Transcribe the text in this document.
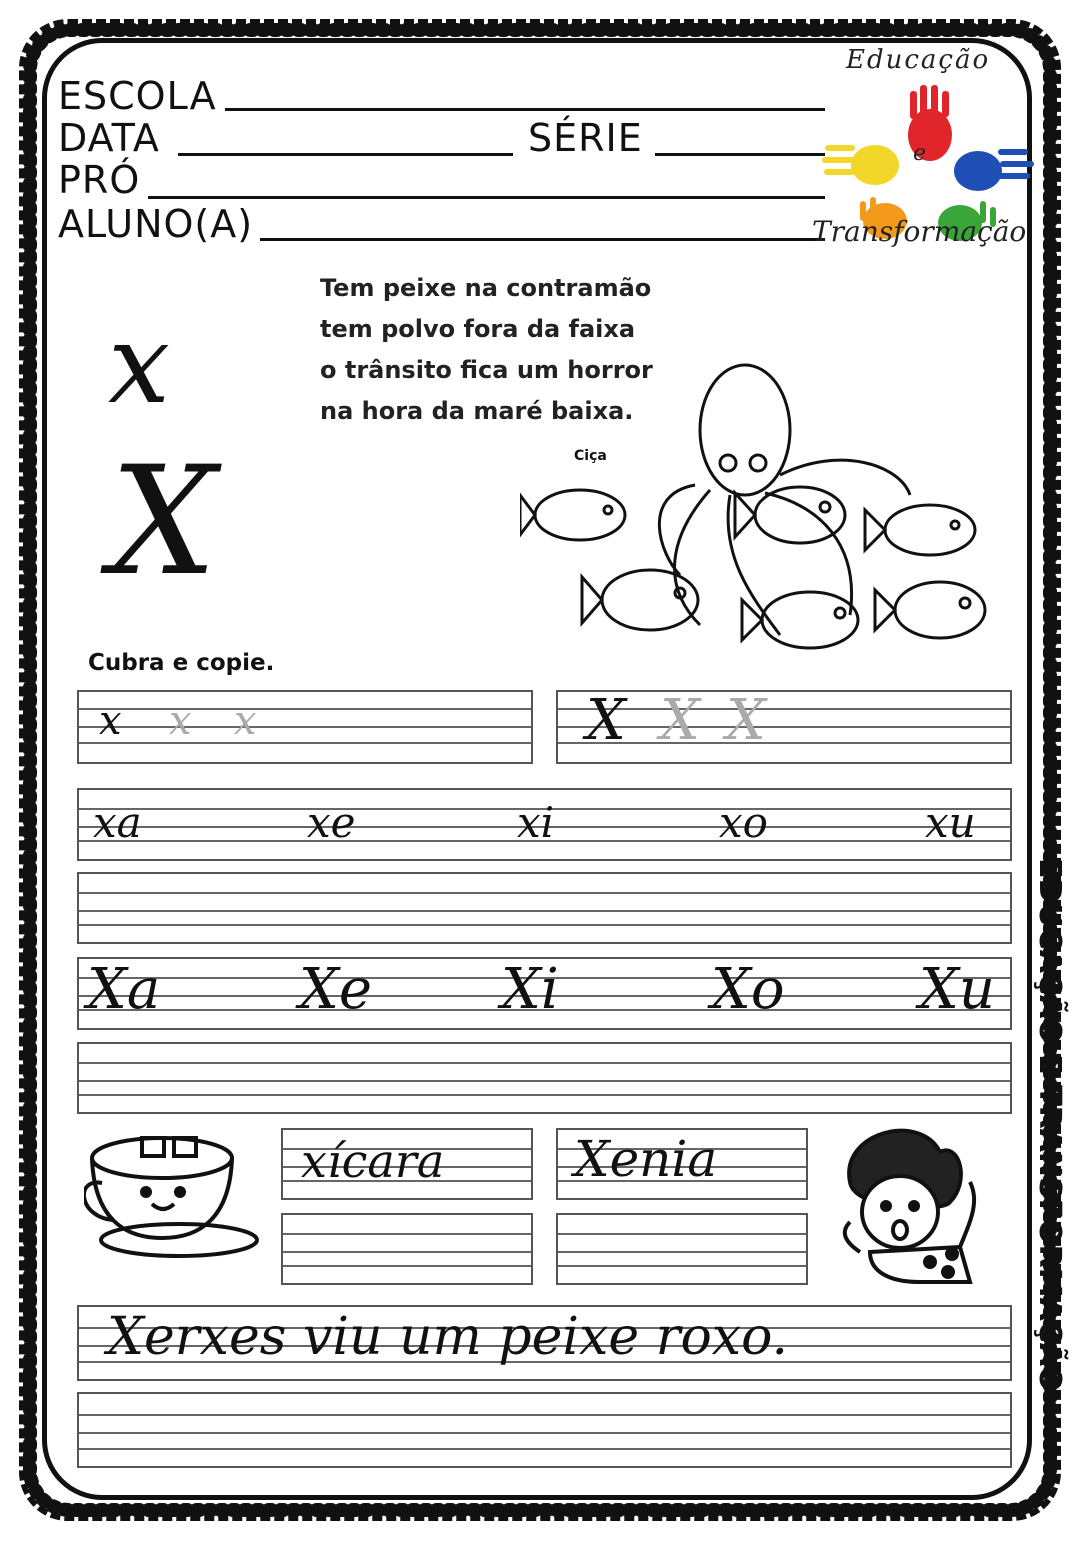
ESCOLA
DATA	SÉRIE
PRÓ
ALUNO(A)
Educação
e
Transformação
x
X
Tem peixe na contramão
tem polvo fora da faixa
o trânsito fica um horror
na hora da maré baixa.
Ciça
Cubra e copie.
x x x	X X X
xa	xe	xi	xo	xu
Xa Xe Xi	Xo Xu
xícara	Xenia
Xerxes viu um peixe roxo.	EDUCAÇÃO E TRANSFORMAÇÃO
